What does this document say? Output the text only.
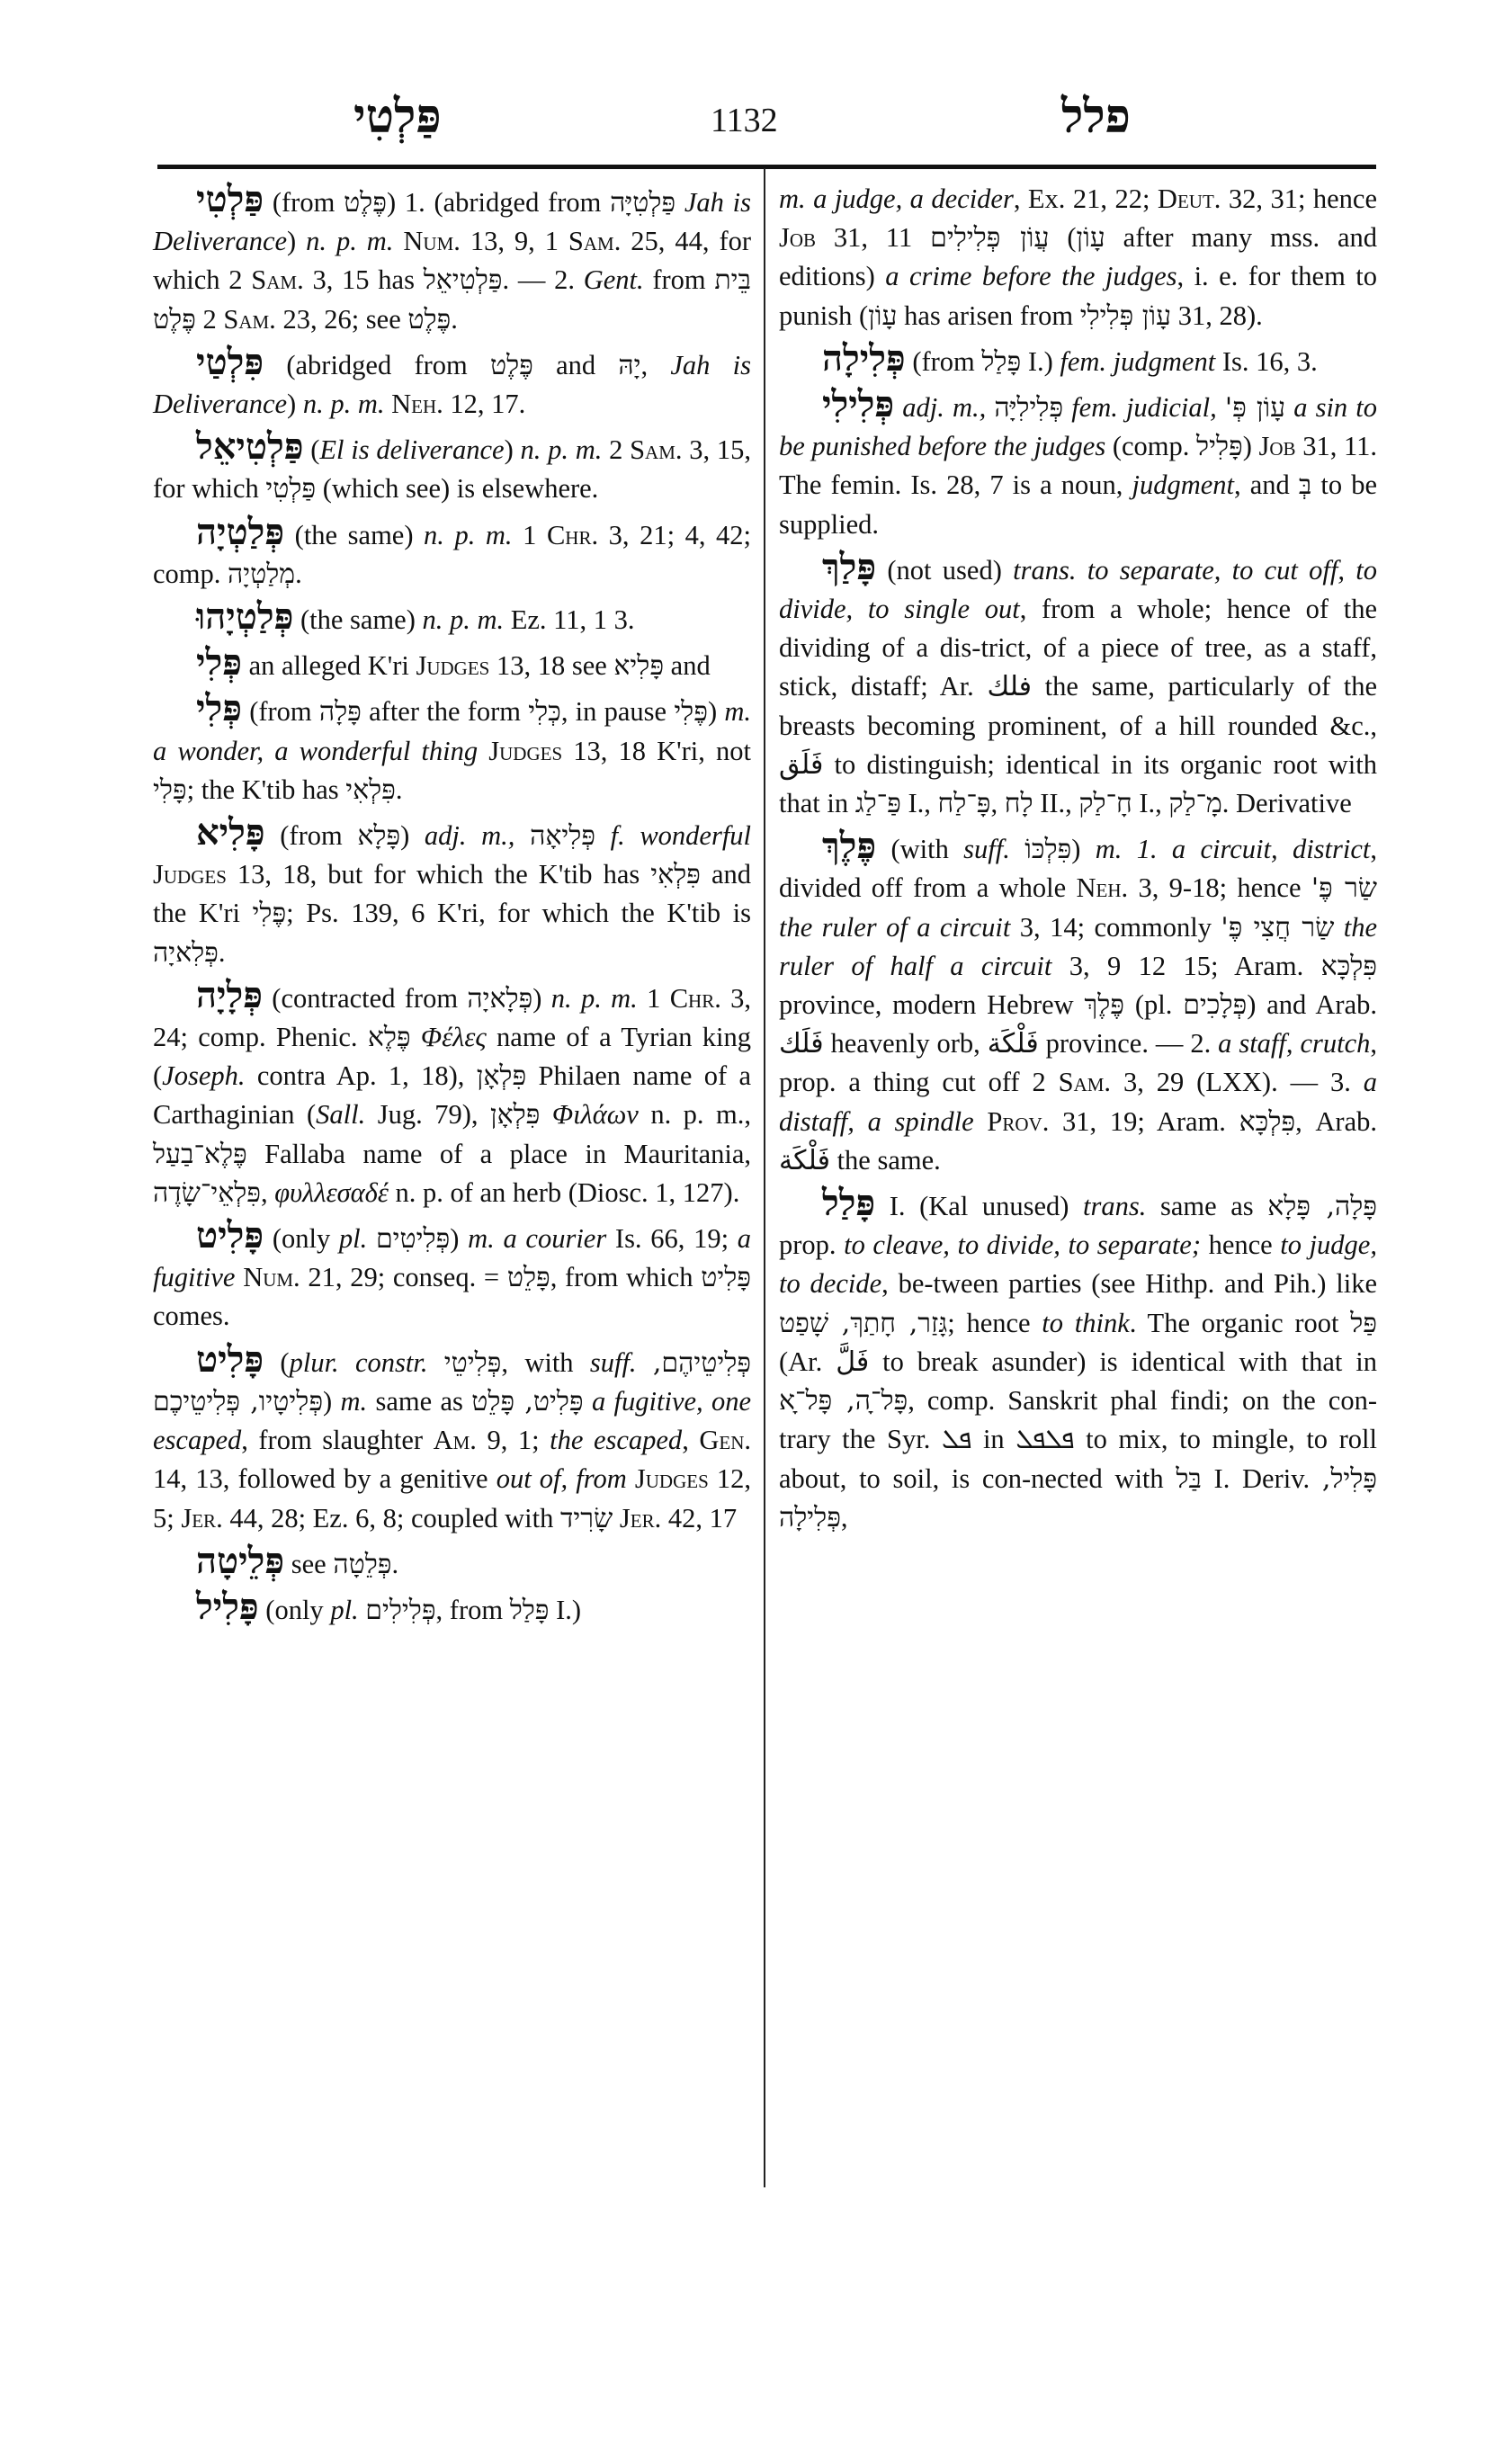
פַּלְטִי	1132	פלל

פַּלְטִי (from פֶּלֶט) 1. (abridged from פַּלְטִיָּה Jah is Deliverance) n. p. m. Num. 13, 9, 1 Sam. 25, 44, for which 2 Sam. 3, 15 has פַּלְטִיאֵל. — 2. Gent. from בֵּית פֶּלֶט 2 Sam. 23, 26; see פֶּלֶט.

פִּלְטַי (abridged from פֶּלֶט and יָהּ, Jah is Deliverance) n. p. m. Neh. 12, 17.

פַּלְטִיאֵל (El is deliverance) n. p. m. 2 Sam. 3, 15, for which פַּלְטִי (which see) is elsewhere.

פְּלַטְיָה (the same) n. p. m. 1 Chr. 3, 21; 4, 42; comp. מְלַטְיָה.

פְּלַטְיָהוּ (the same) n. p. m. Ez. 11, 1 3.

פְּלִי an alleged K'ri Judges 13, 18 see פָּלִיא and

פְּלִי (from פָּלָה after the form כְּלִי, in pause פֶּלִי) m. a wonder, a wonderful thing Judges 13, 18 K'ri, not פָּלִי; the K'tib has פִּלְאִי.

פָּלִיא (from פָּלָא) adj. m., פְּלִיאָה f. wonderful Judges 13, 18, but for which the K'tib has פִּלְאִי and the K'ri פֶּלִי; Ps. 139, 6 K'ri, for which the K'tib is פְּלִאיָה.

פְּלָיָה (contracted from פְּלָאיָה) n. p. m. 1 Chr. 3, 24; comp. Phenic. פֶּלֶא Φέλες name of a Tyrian king (Joseph. contra Ap. 1, 18), פִּלְאָן Philaen name of a Carthaginian (Sall. Jug. 79), פִּלְאָן Φιλάων n. p. m., פֶּלֶא־בַעַל Fallaba name of a place in Mauritania, פִּלְאֵי־שָׂדֶה, φυλλεσαδέ n. p. of an herb (Diosc. 1, 127).

פָּלִיט (only pl. פְּלִיטִים) m. a courier Is. 66, 19; a fugitive Num. 21, 29; conseq. = פָּלֵט, from which פָּלִיט comes.

פָּלִיט (plur. constr. פְּלִיטֵי, with suff. פְּלִיטֵיהֶם, פְּלִיטָיו, פְּלִיטֵיכֶם) m. same as פָּלִיט, פָּלֵט a fugitive, one escaped, from slaughter Am. 9, 1; the escaped, Gen. 14, 13, followed by a genitive out of, from Judges 12, 5; Jer. 44, 28; Ez. 6, 8; coupled with שָׂרִיד Jer. 42, 17

פְּלֵיטָה see פְּלֵטָה.

פָּלִיל (only pl. פְּלִילִים, from פָּלַל I.)

m. a judge, a decider, Ex. 21, 22; Deut. 32, 31; hence Job 31, 11 עֲוֹן פְּלִילִים (עָוֹן after many mss. and editions) a crime before the judges, i. e. for them to punish (עָוֹן has arisen from עָוֹן פְּלִילִי 31, 28).

פְּלִילָה (from פָּלַל I.) fem. judgment Is. 16, 3.

פְּלִילִי adj. m., פְּלִילִיָּה fem. judicial, עָוֹן פְּ' a sin to be punished before the judges (comp. פָּלִיל) Job 31, 11. The femin. Is. 28, 7 is a noun, judgment, and בְּ to be supplied.

פָּלַךְ (not used) trans. to separate, to cut off, to divide, to single out, from a whole; hence of the dividing of a dis-trict, of a piece of tree, as a staff, stick, distaff; Ar. فلك the same, particularly of the breasts becoming prominent, of a hill rounded &c., فَلَق to distinguish; identical in its organic root with that in פַּ־לַג I., פָּ־לַח, לָח II., חָ־לַק I., מָ־לַק. Derivative

פֶּלֶךְ (with suff. פִּלְכּוֹ) m. 1. a circuit, district, divided off from a whole Neh. 3, 9-18; hence שַׂר פֶּ' the ruler of a circuit 3, 14; commonly שַׂר חֲצִי פֶּ' the ruler of half a circuit 3, 9 12 15; Aram. פִּלְכָּא province, modern Hebrew פֶּלֶךְ (pl. פְּלָכִים) and Arab. فَلَك heavenly orb, فَلْكَة province. — 2. a staff, crutch, prop. a thing cut off 2 Sam. 3, 29 (LXX). — 3. a distaff, a spindle Prov. 31, 19; Aram. פִּלְכָּא, Arab. فَلْكَة the same.

פָּלַל I. (Kal unused) trans. same as פָּלָה, פָּלָא prop. to cleave, to divide, to separate; hence to judge, to decide, be-tween parties (see Hithp. and Pih.) like גָּזַר, חָתַךְ, שָׁפַט; hence to think. The organic root פַּל (Ar. فَلَّ to break asunder) is identical with that in פָּל־ָה, פָּל־ָא, comp. Sanskrit phal findi; on the con-trary the Syr. ܦܠ in ܦܠܦܠ to mix, to mingle, to roll about, to soil, is con-nected with בַּל I. Deriv. פָּלִיל, פְּלִילָה,
